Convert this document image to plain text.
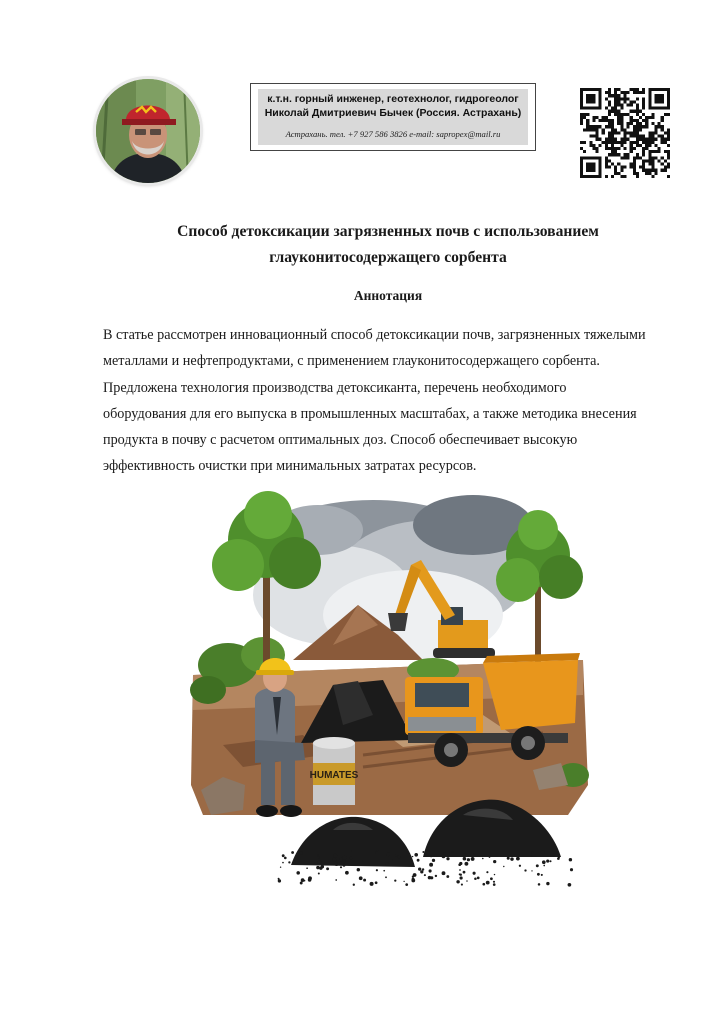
к.т.н. горный инженер, геотехнолог, гидрогеолог
Николай Дмитриевич Бычек (Россия. Астрахань)
Астрахань. тел. +7 927 586 3826 e-mail: sapropex@mail.ru
Способ детоксикации загрязненных почв с использованием
глауконитосодержащего сорбента
Аннотация
В статье рассмотрен инновационный способ детоксикации почв, загрязненных тяжелыми
металлами и нефтепродуктами, с применением глауконитосодержащего сорбента.
Предложена технология производства детоксиканта, перечень необходимого
оборудования для его выпуска в промышленных масштабах, а также методика внесения
продукта в почву с расчетом оптимальных доз. Способ обеспечивает высокую
эффективность очистки при минимальных затратах ресурсов.
HUMATES
